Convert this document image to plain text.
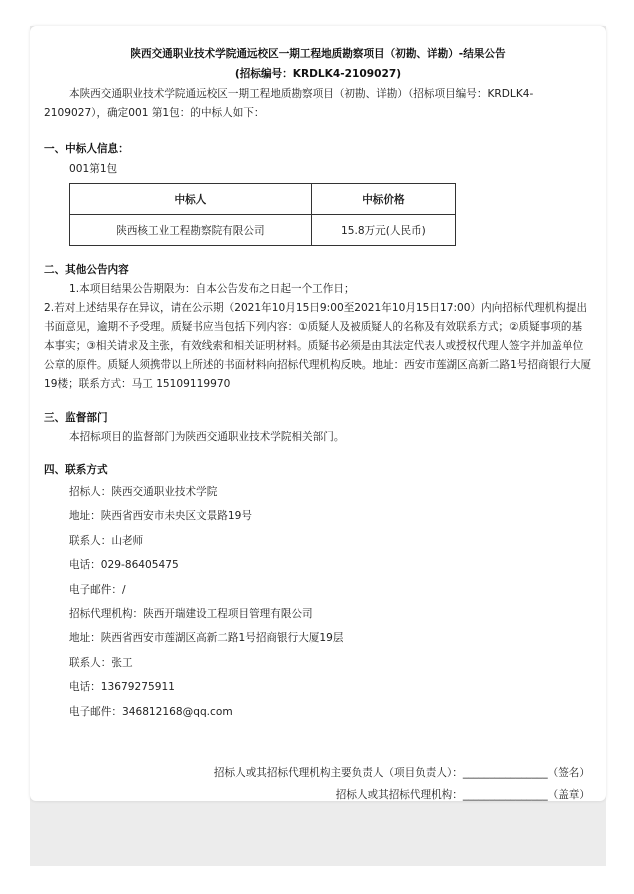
陕西交通职业技术学院通远校区一期工程地质勘察项目（初勘、详勘）-结果公告
(招标编号：KRDLK4-2109027)
本陕西交通职业技术学院通远校区一期工程地质勘察项目（初勘、详勘）（招标项目编号：KRDLK4-2109027），确定001 第1包：的中标人如下：
一、中标人信息：
001第1包
中标人	中标价格
陕西核工业工程勘察院有限公司	15.8万元(人民币)
二、其他公告内容
1.本项目结果公告期限为：自本公告发布之日起一个工作日；
2.若对上述结果存在异议，请在公示期（2021年10月15日9:00至2021年10月15日17:00）内向招标代理机构提出书面意见，逾期不予受理。质疑书应当包括下列内容：①质疑人及被质疑人的名称及有效联系方式；②质疑事项的基本事实；③相关请求及主张，有效线索和相关证明材料。质疑书必须是由其法定代表人或授权代理人签字并加盖单位公章的原件。质疑人须携带以上所述的书面材料向招标代理机构反映。地址：西安市莲湖区高新二路1号招商银行大厦19楼；联系方式：马工 15109119970
三、监督部门
本招标项目的监督部门为陕西交通职业技术学院相关部门。
四、联系方式
招标人：陕西交通职业技术学院
地址：陕西省西安市未央区文景路19号
联系人：山老师
电话：029-86405475
电子邮件：/
招标代理机构：陕西开瑞建设工程项目管理有限公司
地址：陕西省西安市莲湖区高新二路1号招商银行大厦19层
联系人：张工
电话：13679275911
电子邮件：346812168@qq.com
招标人或其招标代理机构主要负责人（项目负责人）：________________（签名）
招标人或其招标代理机构：________________（盖章）
